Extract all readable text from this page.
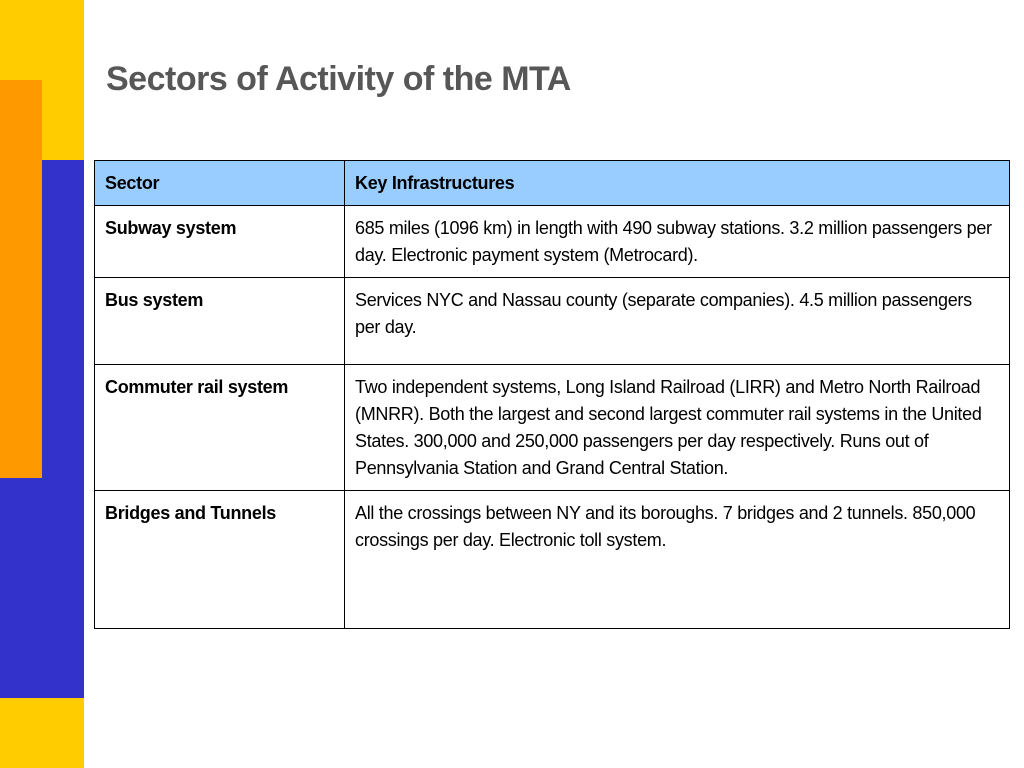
Sectors of Activity of the MTA
Sector	Key Infrastructures
Subway system	685 miles (1096 km) in length with 490 subway stations. 3.2 million passengers per day. Electronic payment system (Metrocard).
Bus system	Services NYC and Nassau county (separate companies). 4.5 million passengers per day.
Commuter rail system	Two independent systems, Long Island Railroad (LIRR) and Metro North Railroad (MNRR). Both the largest and second largest commuter rail systems in the United States. 300,000 and 250,000 passengers per day respectively. Runs out of Pennsylvania Station and Grand Central Station.
Bridges and Tunnels	All the crossings between NY and its boroughs. 7 bridges and 2 tunnels. 850,000 crossings per day. Electronic toll system.
